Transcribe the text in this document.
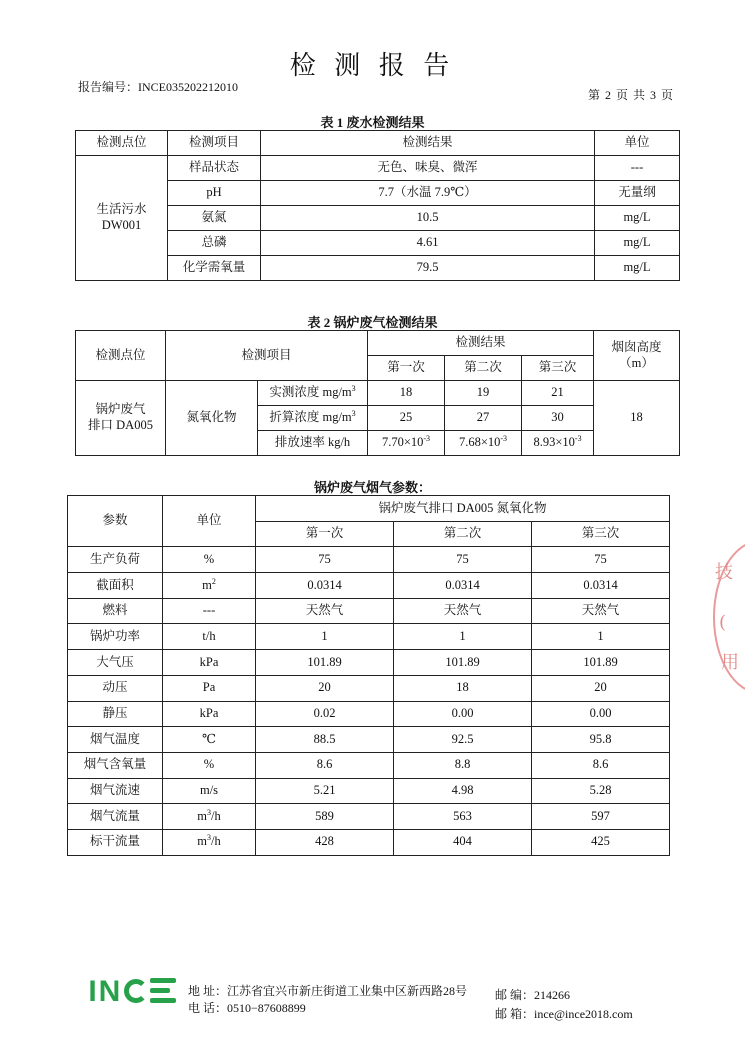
检 测 报 告
报告编号：INCE035202212010
第 2 页 共 3 页
表 1 废水检测结果
检测点位	检测项目	检测结果	单位
生活污水
DW001	样品状态	无色、味臭、微浑	---
	pH	7.7（水温 7.9℃）	无量纲
	氨氮	10.5	mg/L
	总磷	4.61	mg/L
	化学需氧量	79.5	mg/L
表 2 锅炉废气检测结果
检测点位	检测项目		检测结果			烟囱高度
（m）
			第一次	第二次	第三次	
锅炉废气
排口 DA005	氮氧化物	实测浓度 $mg/m^3$	18	19	21	18
		折算浓度 $mg/m^3$	25	27	30	
		排放速率 kg/h	$7.70\times 10^{-3}$	$7.68\times 10^{-3}$	$8.93\times 10^{-3}$
锅炉废气烟气参数：
参数	单位	锅炉废气排口 DA005 氮氧化物		
		第一次	第二次	第三次
生产负荷	%	75	75	75
截面积	$m^2$	0.0314	0.0314	0.0314
燃料	---	天然气	天然气	天然气
锅炉功率	t/h	1	1	1
大气压	kPa	101.89	101.89	101.89
动压	Pa	20	18	20
静压	kPa	0.02	0.00	0.00
烟气温度	℃	88.5	92.5	95.8
烟气含氧量	%	8.6	8.8	8.6
烟气流速	m/s	5.21	4.98	5.28
烟气流量	$m^3/h$	589	563	597
标干流量	$m^3/h$	428	404	425
技
(
用
IN	地 址：江苏省宜兴市新庄街道工业集中区新西路28号
电 话：0510−87608899
邮 编：214266
邮 箱：ince@ince2018.com
